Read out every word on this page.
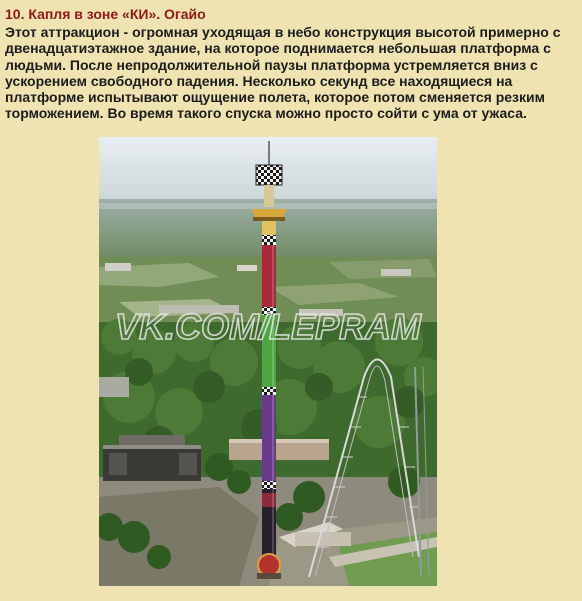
10. Капля в зоне «КИ». Огайо

Этот аттракцион - огромная уходящая в небо конструкция высотой примерно с двенадцатиэтажное здание, на которое поднимается небольшая платформа с людьми. После непродолжительной паузы платформа устремляется вниз с ускорением свободного падения. Несколько секунд все находящиеся на платформе испытывают ощущение полета, которое потом сменяется резким торможением. Во время такого спуска можно просто сойти с ума от ужаса.

VK.COM/LEPRAM
